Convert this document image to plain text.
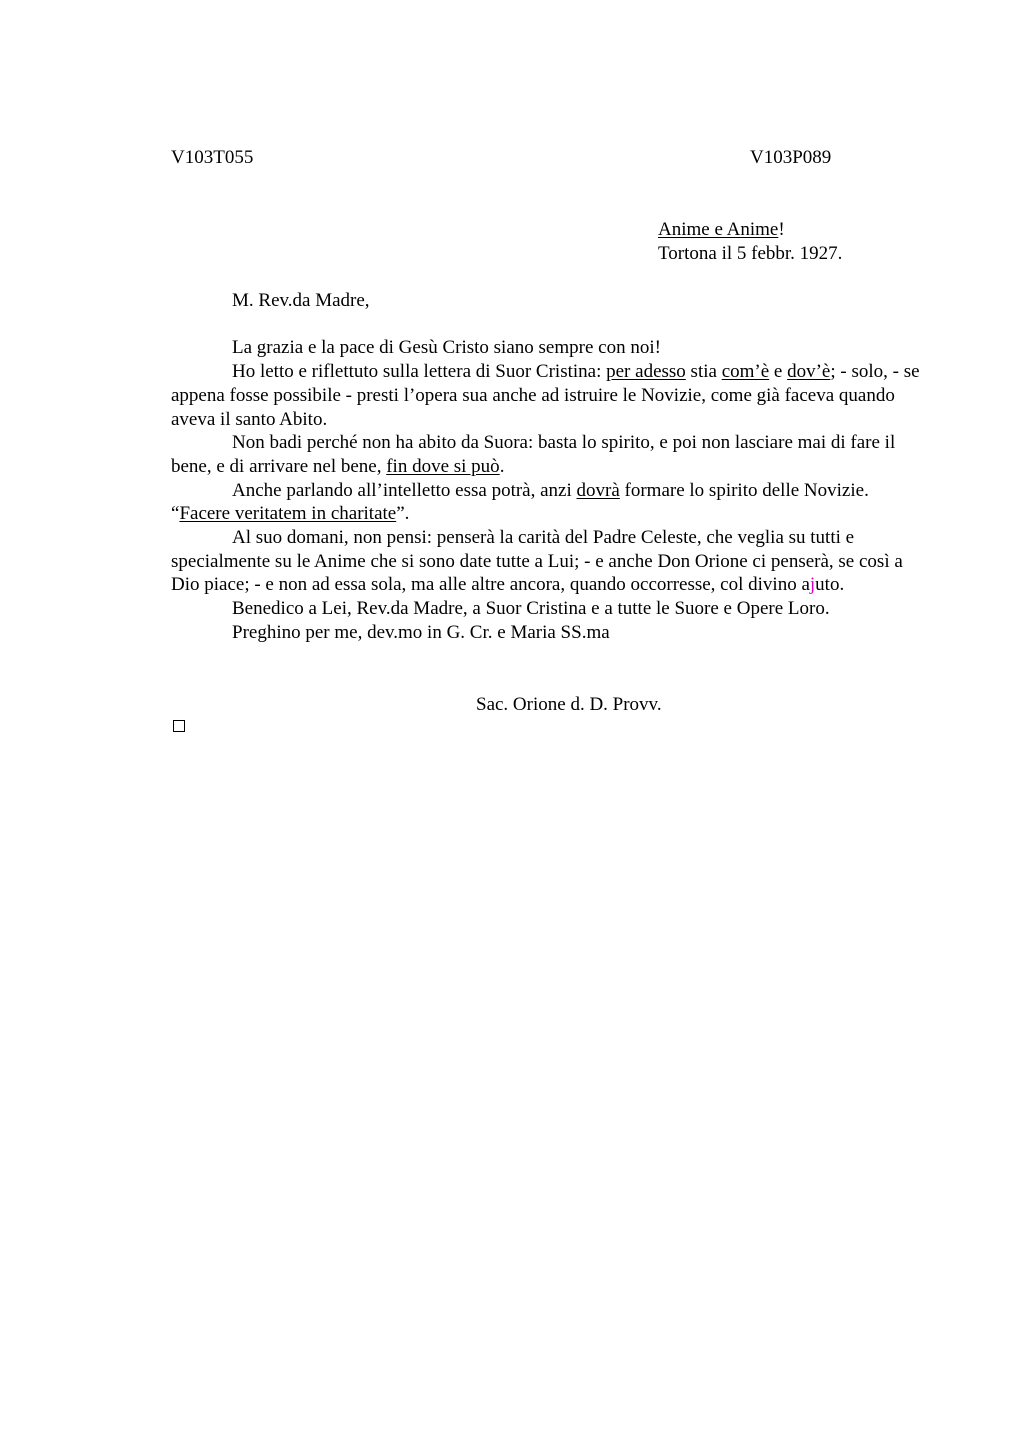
V103T055	V103P089
Anime e Anime!
Tortona il 5 febbr. 1927.

M. Rev.da Madre,

La grazia e la pace di Gesù Cristo siano sempre con noi!

Ho letto e riflettuto sulla lettera di Suor Cristina: per adesso stia com’è e dov’è; - solo, - se appena fosse possibile - presti l’opera sua anche ad istruire le Novizie, come già faceva quando aveva il santo Abito.

Non badi perché non ha abito da Suora: basta lo spirito, e poi non lasciare mai di fare il bene, e di arrivare nel bene, fin dove si può.

Anche parlando all’intelletto essa potrà, anzi dovrà formare lo spirito delle Novizie. “Facere veritatem in charitate”.

Al suo domani, non pensi: penserà la carità del Padre Celeste, che veglia su tutti e specialmente su le Anime che si sono date tutte a Lui; - e anche Don Orione ci penserà, se così a Dio piace; - e non ad essa sola, ma alle altre ancora, quando occorresse, col divino ajuto.

Benedico a Lei, Rev.da Madre, a Suor Cristina e a tutte le Suore e Opere Loro.

Preghino per me, dev.mo in G. Cr. e Maria SS.ma

Sac. Orione d. D. Provv.
